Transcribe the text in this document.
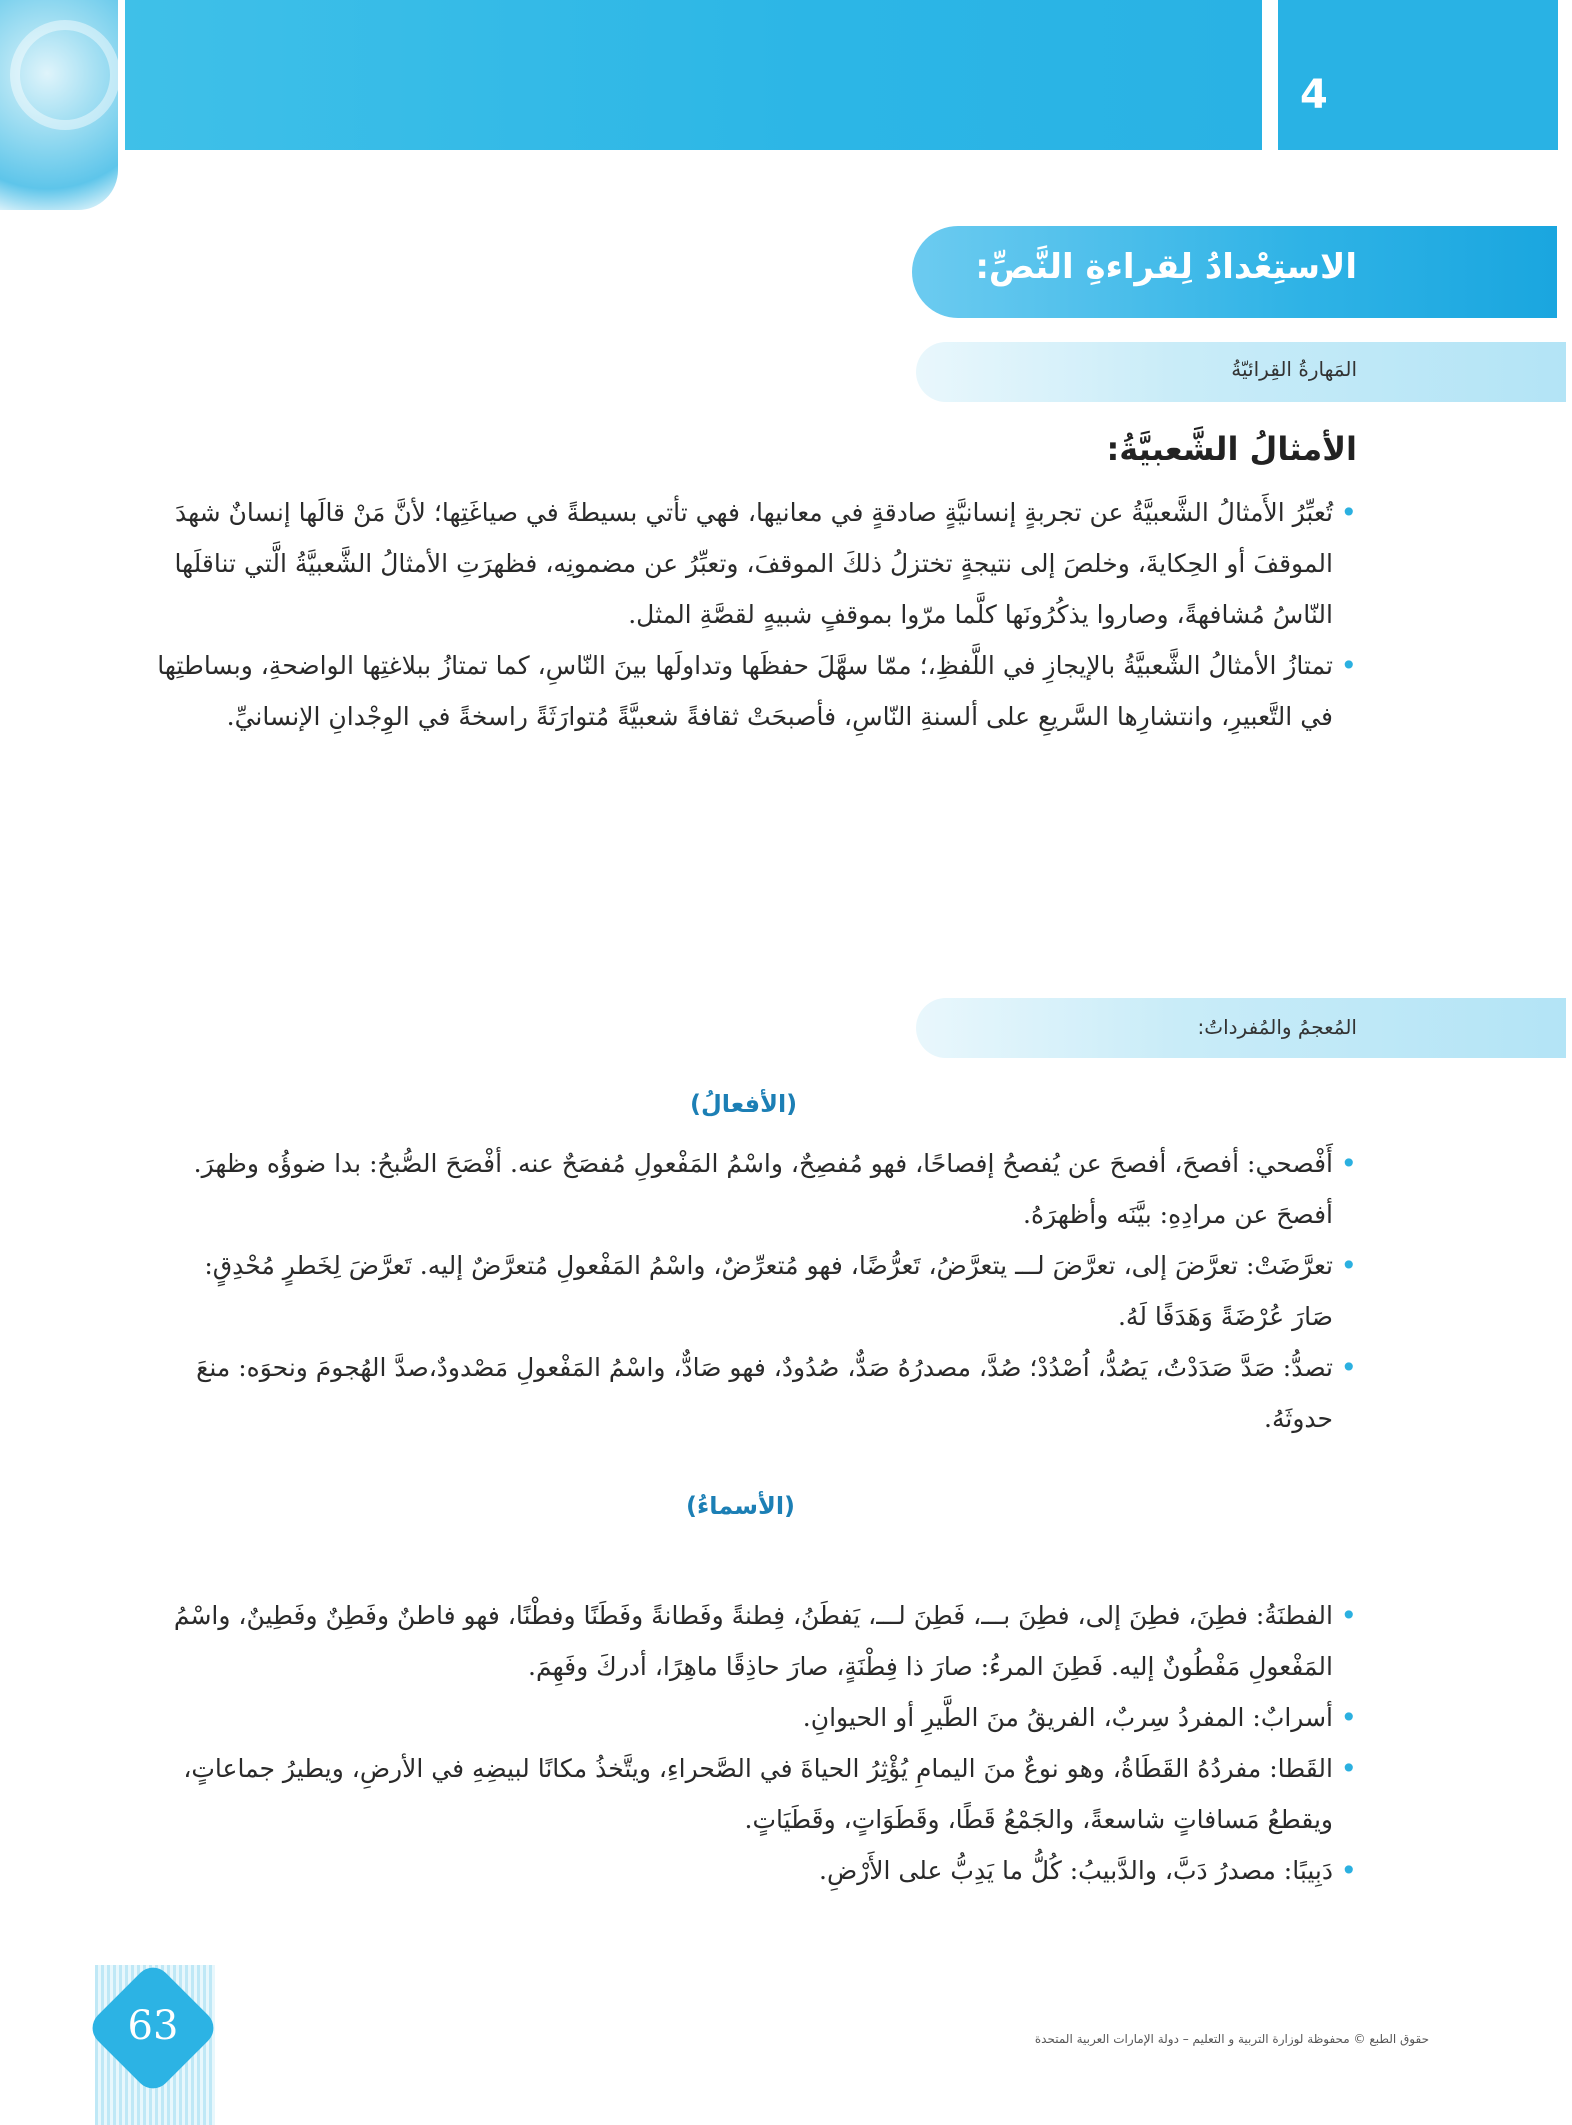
4
الاستِعْدادُ لِقراءةِ النَّصِّ:
المَهارةُ القِرائيّةُ
الأمثالُ الشَّعبيَّةُ:

• تُعبِّرُ الأَمثالُ الشَّعبيَّةُ عن تجربةٍ إنسانيَّةٍ صادقةٍ في معانيها، فهي تأتي بسيطةً في صياغَتِها؛ لأنَّ مَنْ قالَها إنسانٌ شهدَ الموقفَ أو الحِكايةَ، وخلصَ إلى نتيجةٍ تختزلُ ذلكَ الموقفَ، وتعبِّرُ عن مضمونِه، فظهرَتِ الأمثالُ الشَّعبيَّةُ الَّتي تناقلَها النّاسُ مُشافهةً، وصاروا يذكُرُونَها كلَّما مرّوا بموقفٍ شبيهٍ لقصَّةِ المثل.

• تمتازُ الأمثالُ الشَّعبيَّةُ بالإيجازِ في اللَّفظِ،؛ ممّا سهَّلَ حفظَها وتداولَها بينَ النّاسِ، كما تمتازُ ببلاغتِها الواضحةِ، وبساطتِها في التَّعبيرِ، وانتشارِها السَّريعِ على ألسنةِ النّاسِ، فأصبحَتْ ثقافةً شعبيَّةً مُتوارَثَةً راسخةً في الوِجْدانِ الإنسانيِّ.

المُعجمُ والمُفرداتُ:
(الأفعالُ)

• أَفْصحي: أفصحَ، أفصحَ عن يُفصحُ إفصاحًا، فهو مُفصِحٌ، واسْمُ المَفْعولِ مُفصَحٌ عنه. أفْصَحَ الصُّبحُ: بدا ضوؤُه وظهرَ. أفصحَ عن مرادِهِ: بيَّنَه وأظهرَهُ.

• تعرَّضَتْ: تعرَّضَ إلى، تعرَّضَ لـــ يتعرَّضُ، تَعرُّضًا، فهو مُتعرِّضٌ، واسْمُ المَفْعولِ مُتعرَّضٌ إليه. تَعرَّضَ لِخَطرٍ مُحْدِقٍ: صَارَ عُرْضَةً وَهَدَفًا لَهُ.

• تصدُّ: صَدَّ صَدَدْتُ، يَصُدُّ، اُصْدُدْ؛ صُدَّ، مصدرُهُ صَدٌّ، صُدُودٌ، فهو صَادٌّ، واسْمُ المَفْعولِ مَصْدودٌ،صدَّ الهُجومَ ونحوَه: منعَ حدوثَهُ.

(الأسماءُ)

• الفطنَةُ: فطِنَ، فطِنَ إلى، فطِنَ بـــ، فَطِنَ لـــ، يَفطَنُ، فِطنةً وفَطانةً وفَطَنًا وفطْنًا، فهو فاطنٌ وفَطِنٌ وفَطِينٌ، واسْمُ المَفْعولِ مَفْطُونٌ إليه. فَطِنَ المرءُ: صارَ ذا فِطْنَةٍ، صارَ حاذِقًا ماهِرًا، أدركَ وفَهِمَ.

• أسرابٌ: المفردُ سِربٌ، الفريقُ منَ الطَّيرِ أو الحيوانِ.

• القَطا: مفردُهُ القَطَاةُ، وهو نوعٌ منَ اليمامِ يُؤْثِرُ الحياةَ في الصَّحراءِ، ويتَّخذُ مكانًا لبيضِهِ في الأرضِ، ويطيرُ جماعاتٍ، ويقطعُ مَسافاتٍ شاسعةً، والجَمْعُ قَطًا، وقَطَوَاتٍ، وقَطَيَاتٍ.

• دَبِيبًا: مصدرُ دَبَّ، والدَّبيبُ: كُلُّ ما يَدِبُّ على الأَرْضِ.

63	حقوق الطبع © محفوظة لوزارة التربية و التعليم – دولة الإمارات العربية المتحدة
